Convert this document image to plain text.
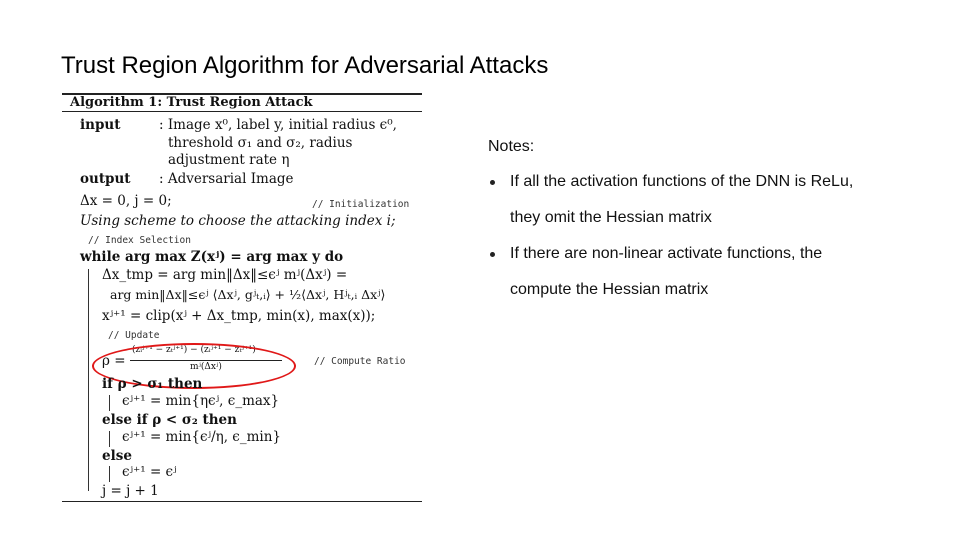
Trust Region Algorithm for Adversarial Attacks
Algorithm 1: Trust Region Attack
input	: Image x⁰, label y, initial radius ϵ⁰,
threshold σ₁ and σ₂, radius
adjustment rate η
output : Adversarial Image
Δx = 0, j = 0;	// Initialization
Using scheme to choose the attacking index i;
// Index Selection
while arg max Z(xʲ) = arg max y do
Δx_tmp = arg min‖Δx‖≤ϵʲ mʲ(Δxʲ) =
arg min‖Δx‖≤ϵʲ ⟨Δxʲ, gʲₜ,ᵢ⟩ + ½⟨Δxʲ, Hʲₜ,ᵢ Δxʲ⟩
xʲ⁺¹ = clip(xʲ + Δx_tmp, min(x), max(x));
// Update
ρ =
(zᵢʲ⁺¹ − zₜʲ⁺¹) − (zᵢʲ⁺¹ − zₜʲ⁺¹)
mʲ(Δxʲ)	// Compute Ratio
if ρ > σ₁ then
ϵʲ⁺¹ = min{ηϵʲ, ϵ_max}
else if ρ < σ₂ then
ϵʲ⁺¹ = min{ϵʲ/η, ϵ_min}
else
ϵʲ⁺¹ = ϵʲ
j = j + 1
Notes:
If all the activation functions of the DNN is ReLu,
they omit the Hessian matrix
If there are non-linear activate functions, the
compute the Hessian matrix
